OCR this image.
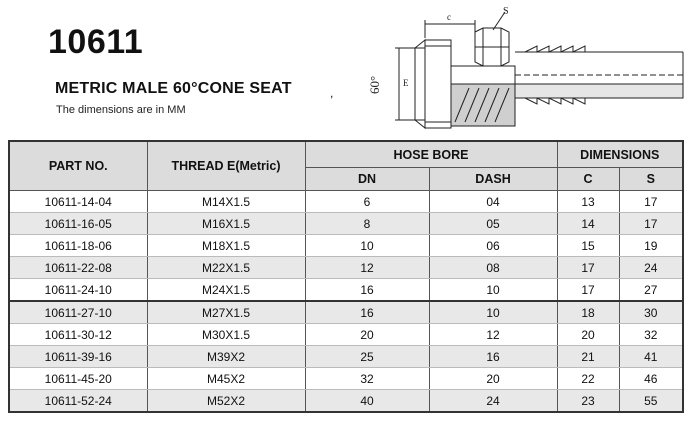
10611
METRIC MALE 60°CONE SEAT
The dimensions are in MM
,	60° E
c	S
PART NO.	THREAD E(Metric)	HOSE BORE		DIMENSIONS	
		DN	DASH	C	S
10611-14-04	M14X1.5	6	04	13	17
10611-16-05	M16X1.5	8	05	14	17
10611-18-06	M18X1.5	10	06	15	19
10611-22-08	M22X1.5	12	08	17	24
10611-24-10	M24X1.5	16	10	17	27
10611-27-10	M27X1.5	16	10	18	30
10611-30-12	M30X1.5	20	12	20	32
10611-39-16	M39X2	25	16	21	41
10611-45-20	M45X2	32	20	22	46
10611-52-24	M52X2	40	24	23	55
